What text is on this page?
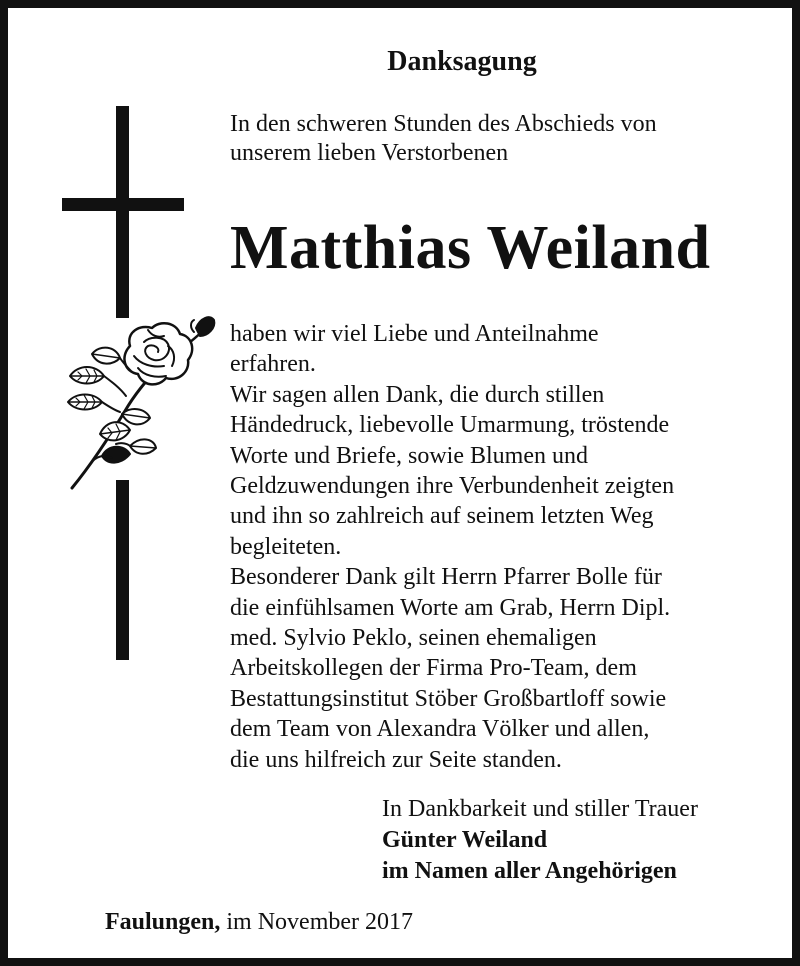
Danksagung
In den schweren Stunden des Abschieds von
unserem lieben Verstorbenen
Matthias Weiland
haben wir viel Liebe und Anteilnahme
erfahren.
Wir sagen allen Dank, die durch stillen
Händedruck, liebevolle Umarmung, tröstende
Worte und Briefe, sowie Blumen und
Geldzuwendungen ihre Verbundenheit zeigten
und ihn so zahlreich auf seinem letzten Weg
begleiteten.
Besonderer Dank gilt Herrn Pfarrer Bolle für
die einfühlsamen Worte am Grab, Herrn Dipl.
med. Sylvio Peklo, seinen ehemaligen
Arbeitskollegen der Firma Pro-Team, dem
Bestattungsinstitut Stöber Großbartloff sowie
dem Team von Alexandra Völker und allen,
die uns hilfreich zur Seite standen.
In Dankbarkeit und stiller Trauer
Günter Weiland
im Namen aller Angehörigen
Faulungen, im November 2017
